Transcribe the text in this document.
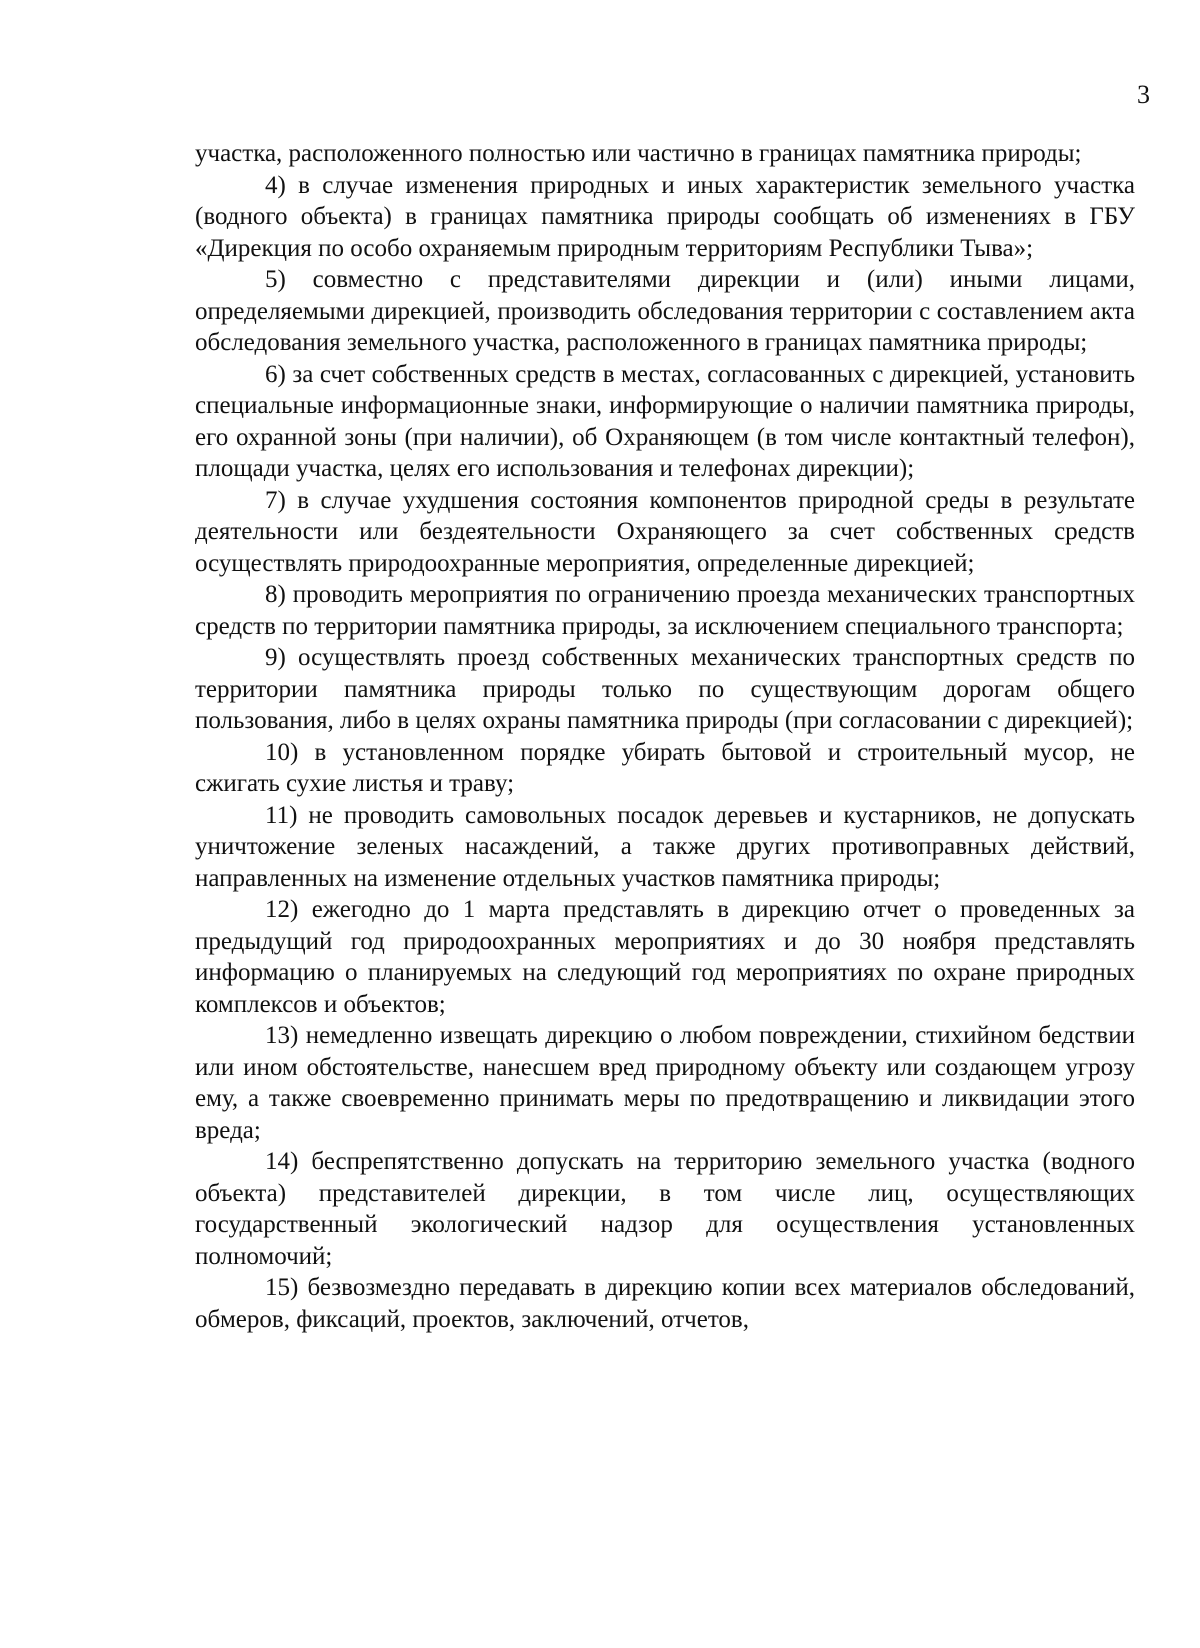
3

участка, расположенного полностью или частично в границах памятника природы;

4) в случае изменения природных и иных характеристик земельного участка (водного объекта) в границах памятника природы сообщать об изменениях в ГБУ «Дирекция по особо охраняемым природным территориям Республики Тыва»;

5) совместно с представителями дирекции и (или) иными лицами, определяемыми дирекцией, производить обследования территории с составлением акта обследования земельного участка, расположенного в границах памятника природы;

6) за счет собственных средств в местах, согласованных с дирекцией, установить специальные информационные знаки, информирующие о наличии памятника природы, его охранной зоны (при наличии), об Охраняющем (в том числе контактный телефон), площади участка, целях его использования и телефонах дирекции);

7) в случае ухудшения состояния компонентов природной среды в результате деятельности или бездеятельности Охраняющего за счет собственных средств осуществлять природоохранные мероприятия, определенные дирекцией;

8) проводить мероприятия по ограничению проезда механических транспортных средств по территории памятника природы, за исключением специального транспорта;

9) осуществлять проезд собственных механических транспортных средств по территории памятника природы только по существующим дорогам общего пользования, либо в целях охраны памятника природы (при согласовании с дирекцией);

10) в установленном порядке убирать бытовой и строительный мусор, не сжигать сухие листья и траву;

11) не проводить самовольных посадок деревьев и кустарников, не допускать уничтожение зеленых насаждений, а также других противоправных действий, направленных на изменение отдельных участков памятника природы;

12) ежегодно до 1 марта представлять в дирекцию отчет о проведенных за предыдущий год природоохранных мероприятиях и до 30 ноября представлять информацию о планируемых на следующий год мероприятиях по охране природных комплексов и объектов;

13) немедленно извещать дирекцию о любом повреждении, стихийном бедствии или ином обстоятельстве, нанесшем вред природному объекту или создающем угрозу ему, а также своевременно принимать меры по предотвращению и ликвидации этого вреда;

14) беспрепятственно допускать на территорию земельного участка (водного объекта) представителей дирекции, в том числе лиц, осуществляющих государственный экологический надзор для осуществления установленных полномочий;

15) безвозмездно передавать в дирекцию копии всех материалов обследований, обмеров, фиксаций, проектов, заключений, отчетов,
